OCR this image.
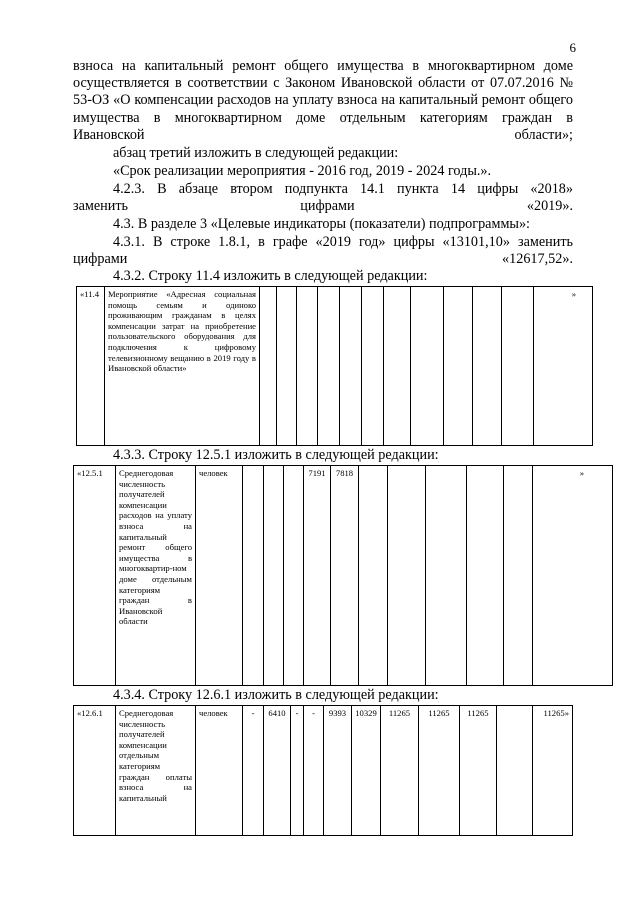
6
взноса на капитальный ремонт общего имущества в многоквартирном доме осуществляется в соответствии с Законом Ивановской области от 07.07.2016 № 53-ОЗ «О компенсации расходов на уплату взноса на капитальный ремонт общего имущества в многоквартирном доме отдельным категориям граждан в Ивановской области»;
абзац третий изложить в следующей редакции:
«Срок реализации мероприятия - 2016 год, 2019 - 2024 годы.».
4.2.3. В абзаце втором подпункта 14.1 пункта 14 цифры «2018» заменить цифрами «2019».
4.3. В разделе 3 «Целевые индикаторы (показатели) подпрограммы»:
4.3.1. В строке 1.8.1, в графе «2019 год» цифры «13101,10» заменить цифрами «12617,52».
4.3.2. Строку 11.4 изложить в следующей редакции:
«11.4	Мероприятие «Адресная социальная помощь семьям и одиноко проживающим гражданам в целях компенсации затрат на приобретение пользовательского оборудования для подключения к цифровому телевизионному вещанию в 2019 году в Ивановской области»												»
4.3.3. Строку 12.5.1 изложить в следующей редакции:
«12.5.1	Среднегодовая численность получателей компенсации расходов на уплату взноса на капитальный ремонт общего имущества в многоквартир-ном доме отдельным категориям граждан в Ивановской области	человек				7191	7818						»
4.3.4. Строку 12.6.1 изложить в следующей редакции:
«12.6.1	Среднегодовая численность получателей компенсации отдельным категориям граждан оплаты взноса на капитальный	человек	-	6410	-	-	9393	10329	11265	11265	11265		11265»
